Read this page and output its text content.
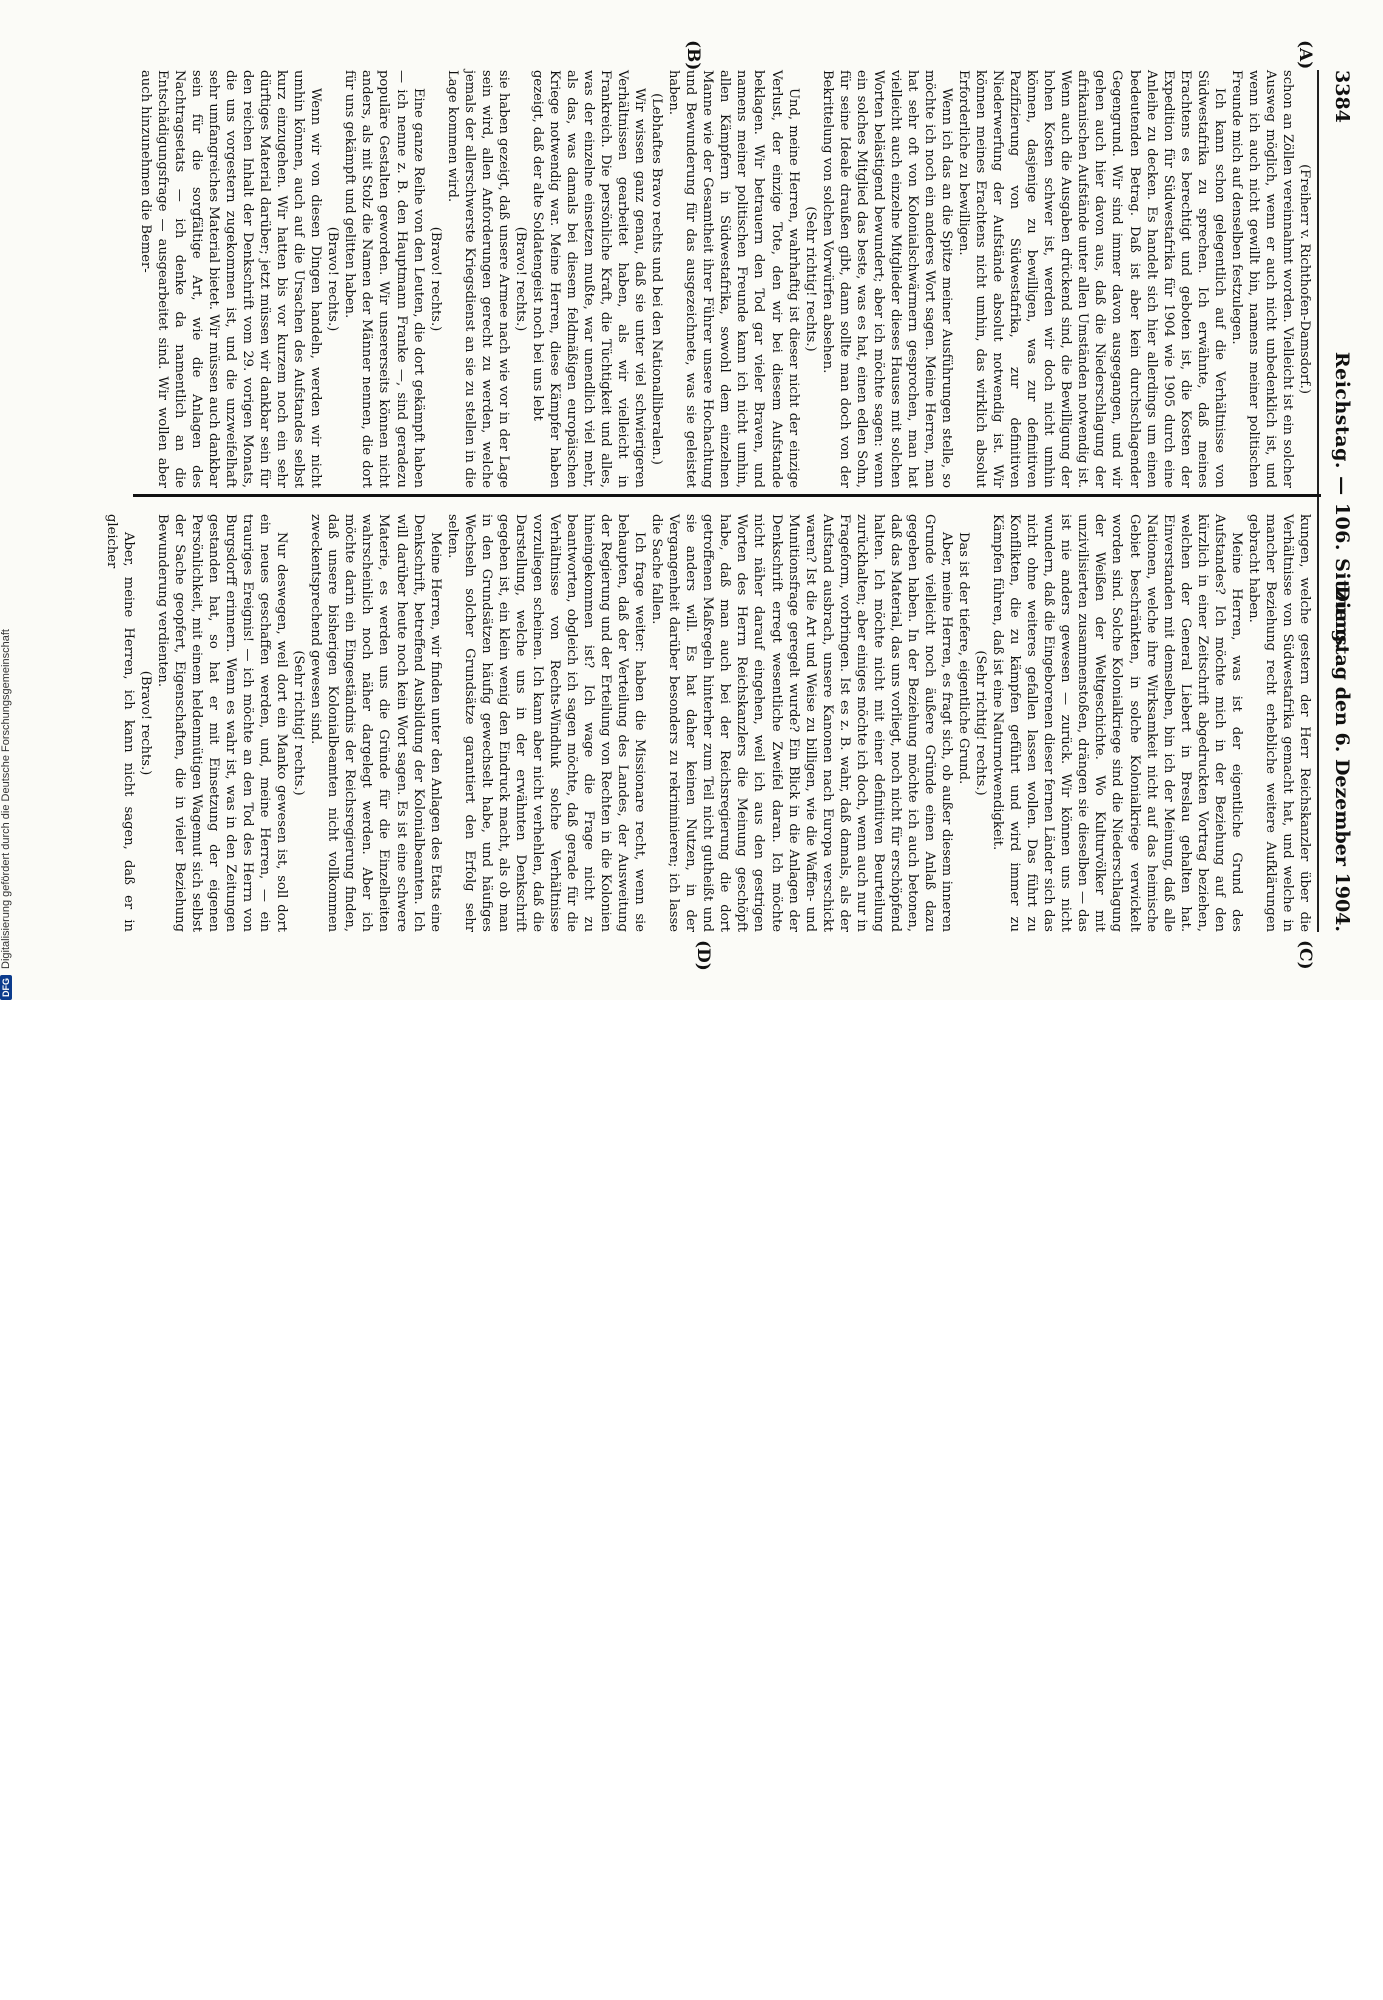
3384
Reichstag. — 106. Sitzung.
Dienstag den 6. Dezember 1904.
(A)
(B)
(C)
(D)

(Freiherr v. Richthofen-Damsdorf.)

schon an Zöllen vereinnahmt worden. Vielleicht ist ein solcher Ausweg möglich, wenn er auch nicht unbedenklich ist, und wenn ich auch nicht gewillt bin, namens meiner politischen Freunde mich auf denselben festzulegen.

Ich kann schon gelegentlich auf die Verhältnisse von Südwestafrika zu sprechen. Ich erwähnte, daß meines Erachtens es berechtigt und geboten ist, die Kosten der Expedition für Südwestafrika für 1904 wie 1905 durch eine Anleihe zu decken. Es handelt sich hier allerdings um einen bedeutenden Betrag. Daß ist aber kein durchschlagender Gegengrund. Wir sind immer davon ausgegangen, und wir gehen auch hier davon aus, daß die Niederschlagung der afrikanischen Aufstände unter allen Umständen notwendig ist. Wenn auch die Ausgaben drückend sind, die Bewilligung der hohen Kosten schwer ist, werden wir doch nicht umhin können, dasjenige zu bewilligen, was zur definitiven Pazifizierung von Südwestafrika, zur definitiven Niederwerfung der Aufstände absolut notwendig ist. Wir können meines Erachtens nicht umhin, das wirklich absolut Erforderliche zu bewilligen.

Wenn ich das an die Spitze meiner Ausführungen stelle, so möchte ich noch ein anderes Wort sagen. Meine Herren, man hat sehr oft von Kolonialschwärmern gesprochen, man hat vielleicht auch einzelne Mitglieder dieses Hauses mit solchen Worten belästigend bewundert; aber ich möchte sagen: wenn ein solches Mitglied das beste, was es hat, einen edlen Sohn, für seine Ideale draußen gibt, dann sollte man doch von der Bekrittelung von solchen Vorwürfen absehen.

(Sehr richtig! rechts.)

Und, meine Herren, wahrhaftig ist dieser nicht der einzige Verlust, der einzige Tote, den wir bei diesem Aufstande beklagen. Wir betrauern den Tod gar vieler Braven, und namens meiner politischen Freunde kann ich nicht umhin, allen Kämpfern in Südwestafrika, sowohl dem einzelnen Manne wie der Gesamtheit ihrer Führer unsere Hochachtung und Bewunderung für das ausgezeichnete, was sie geleistet haben.

(Lebhaftes Bravo rechts und bei den Nationalliberalen.)

Wir wissen ganz genau, daß sie unter viel schwierigeren Verhältnissen gearbeitet haben, als wir vielleicht in Frankreich. Die persönliche Kraft, die Tüchtigkeit und alles, was der einzelne einsetzen mußte, war unendlich viel mehr, als das, was damals bei diesem feldmäßigen europäischen Kriege notwendig war. Meine Herren, diese Kämpfer haben gezeigt, daß der alte Soldatengeist noch bei uns lebt

(Bravo! rechts.)

sie haben gezeigt, daß unsere Armee nach wie vor in der Lage sein wird, allen Anforderungen gerecht zu werden, welche jemals der allerschwerste Kriegsdienst an sie zu stellen in die Lage kommen wird.

(Bravo! rechts.)

Eine ganze Reihe von den Leuten, die dort gekämpft haben — ich nenne z. B. den Hauptmann Franke —, sind geradezu populäre Gestalten geworden. Wir unsererseits können nicht anders, als mit Stolz die Namen der Männer nennen, die dort für uns gekämpft und gelitten haben.

(Bravo! rechts.)

Wenn wir von diesen Dingen handeln, werden wir nicht umhin können, auch auf die Ursachen des Aufstandes selbst kurz einzugehen. Wir hatten bis vor kurzem noch ein sehr dürftiges Material darüber; jetzt müssen wir dankbar sein für den reichen Inhalt der Denkschrift vom 29. vorigen Monats, die uns vorgestern zugekommen ist, und die unzweifelhaft sehr umfangreiches Material bietet. Wir müssen auch dankbar sein für die sorgfältige Art, wie die Anlagen des Nachtragsetats — ich denke da namentlich an die Entschädigungsfrage — ausgearbeitet sind. Wir wollen aber auch hinzunehmen die Bemer-

kungen, welche gestern der Herr Reichskanzler über die Verhältnisse von Südwestafrika gemacht hat, und welche in mancher Beziehung recht erhebliche weitere Aufklärungen gebracht haben.

Meine Herren, was ist der eigentliche Grund des Aufstandes? Ich möchte mich in der Beziehung auf den kürzlich in einer Zeitschrift abgedruckten Vortrag beziehen, welchen der General Liebert in Breslau gehalten hat. Einverstanden mit demselben, bin ich der Meinung, daß alle Nationen, welche ihre Wirksamkeit nicht auf das heimische Gebiet beschränkten, in solche Kolonialkriege verwickelt worden sind. Solche Kolonialkriege sind die Niederschlagung der Weißen der Weltgeschichte. Wo Kulturvölker mit unzivilisierten zusammenstoßen, drängen sie dieselben — das ist nie anders gewesen — zurück. Wir können uns nicht wundern, daß die Eingeborenen dieser fernen Länder sich das nicht ohne weiteres gefallen lassen wollen. Das führt zu Konflikten, die zu kämpfen geführt und wird immer zu Kämpfen führen, daß ist eine Naturnotwendigkeit.

(Sehr richtig! rechts.)

Das ist der tiefere, eigentliche Grund.

Aber, meine Herren, es fragt sich, ob außer diesem inneren Grunde vielleicht noch äußere Gründe einen Anlaß dazu gegeben haben. In der Beziehung möchte ich auch betonen, daß das Material, das uns vorliegt, noch nicht für erschöpfend halten. Ich möchte nicht mit einer definitiven Beurteilung zurückhalten; aber einiges möchte ich doch, wenn auch nur in Frageform, vorbringen. Ist es z. B. wahr, daß damals, als der Aufstand ausbrach, unsere Kanonen nach Europa verschickt waren? Ist die Art und Weise zu billigen, wie die Waffen- und Munitionsfrage geregelt wurde? Ein Blick in die Anlagen der Denkschrift erregt wesentliche Zweifel daran. Ich möchte nicht näher darauf eingehen, weil ich aus den gestrigen Worten des Herrn Reichskanzlers die Meinung geschöpft habe, daß man auch bei der Reichsregierung die dort getroffenen Maßregeln hinterher zum Teil nicht gutheißt und sie anders will. Es hat daher keinen Nutzen, in der Vergangenheit darüber besonders zu rekriminieren; ich lasse die Sache fallen.

Ich frage weiter: haben die Missionare recht, wenn sie behaupten, daß der Verteilung des Landes, der Ausweitung der Regierung und der Erteilung von Rechten in die Kolonien hineingekommen ist? Ich wage die Frage nicht zu beantworten, obgleich ich sagen möchte, daß gerade für die Verhältnisse von Rechts-Windhuk solche Verhältnisse vorzuliegen scheinen. Ich kann aber nicht verhehlen, daß die Darstellung, welche uns in der erwähnten Denkschrift gegeben ist, ein klein wenig den Eindruck macht, als ob man in den Grundsätzen häufig gewechselt habe, und häufiges Wechseln solcher Grundsätze garantiert den Erfolg sehr selten.

Meine Herren, wir finden unter den Anlagen des Etats eine Denkschrift, betreffend Ausbildung der Kolonialbeamten. Ich will darüber heute noch kein Wort sagen. Es ist eine schwere Materie, es werden uns die Gründe für die Einzelheiten wahrscheinlich noch näher dargelegt werden. Aber ich möchte darin ein Eingeständnis der Reichsregierung finden, daß unsere bisherigen Kolonialbeamten nicht vollkommen zweckentsprechend gewesen sind.

(Sehr richtig! rechts.)

Nur deswegen, weil dort ein Manko gewesen ist, soll dort ein neues geschaffen werden, und, meine Herren, — ein trauriges Ereignis! — ich möchte an den Tod des Herrn von Burgsdorff erinnern. Wenn es wahr ist, was in den Zeitungen gestanden hat, so hat er mit Einsetzung der eigenen Persönlichkeit, mit einem heldenmütigen Wagemut sich selbst der Sache geopfert, Eigenschaften, die in vieler Beziehung Bewunderung verdienten.

(Bravo! rechts.)

Aber, meine Herren, ich kann nicht sagen, daß er in gleicher

DFGDigitalisierung gefördert durch die Deutsche Forschungsgemeinschaft
